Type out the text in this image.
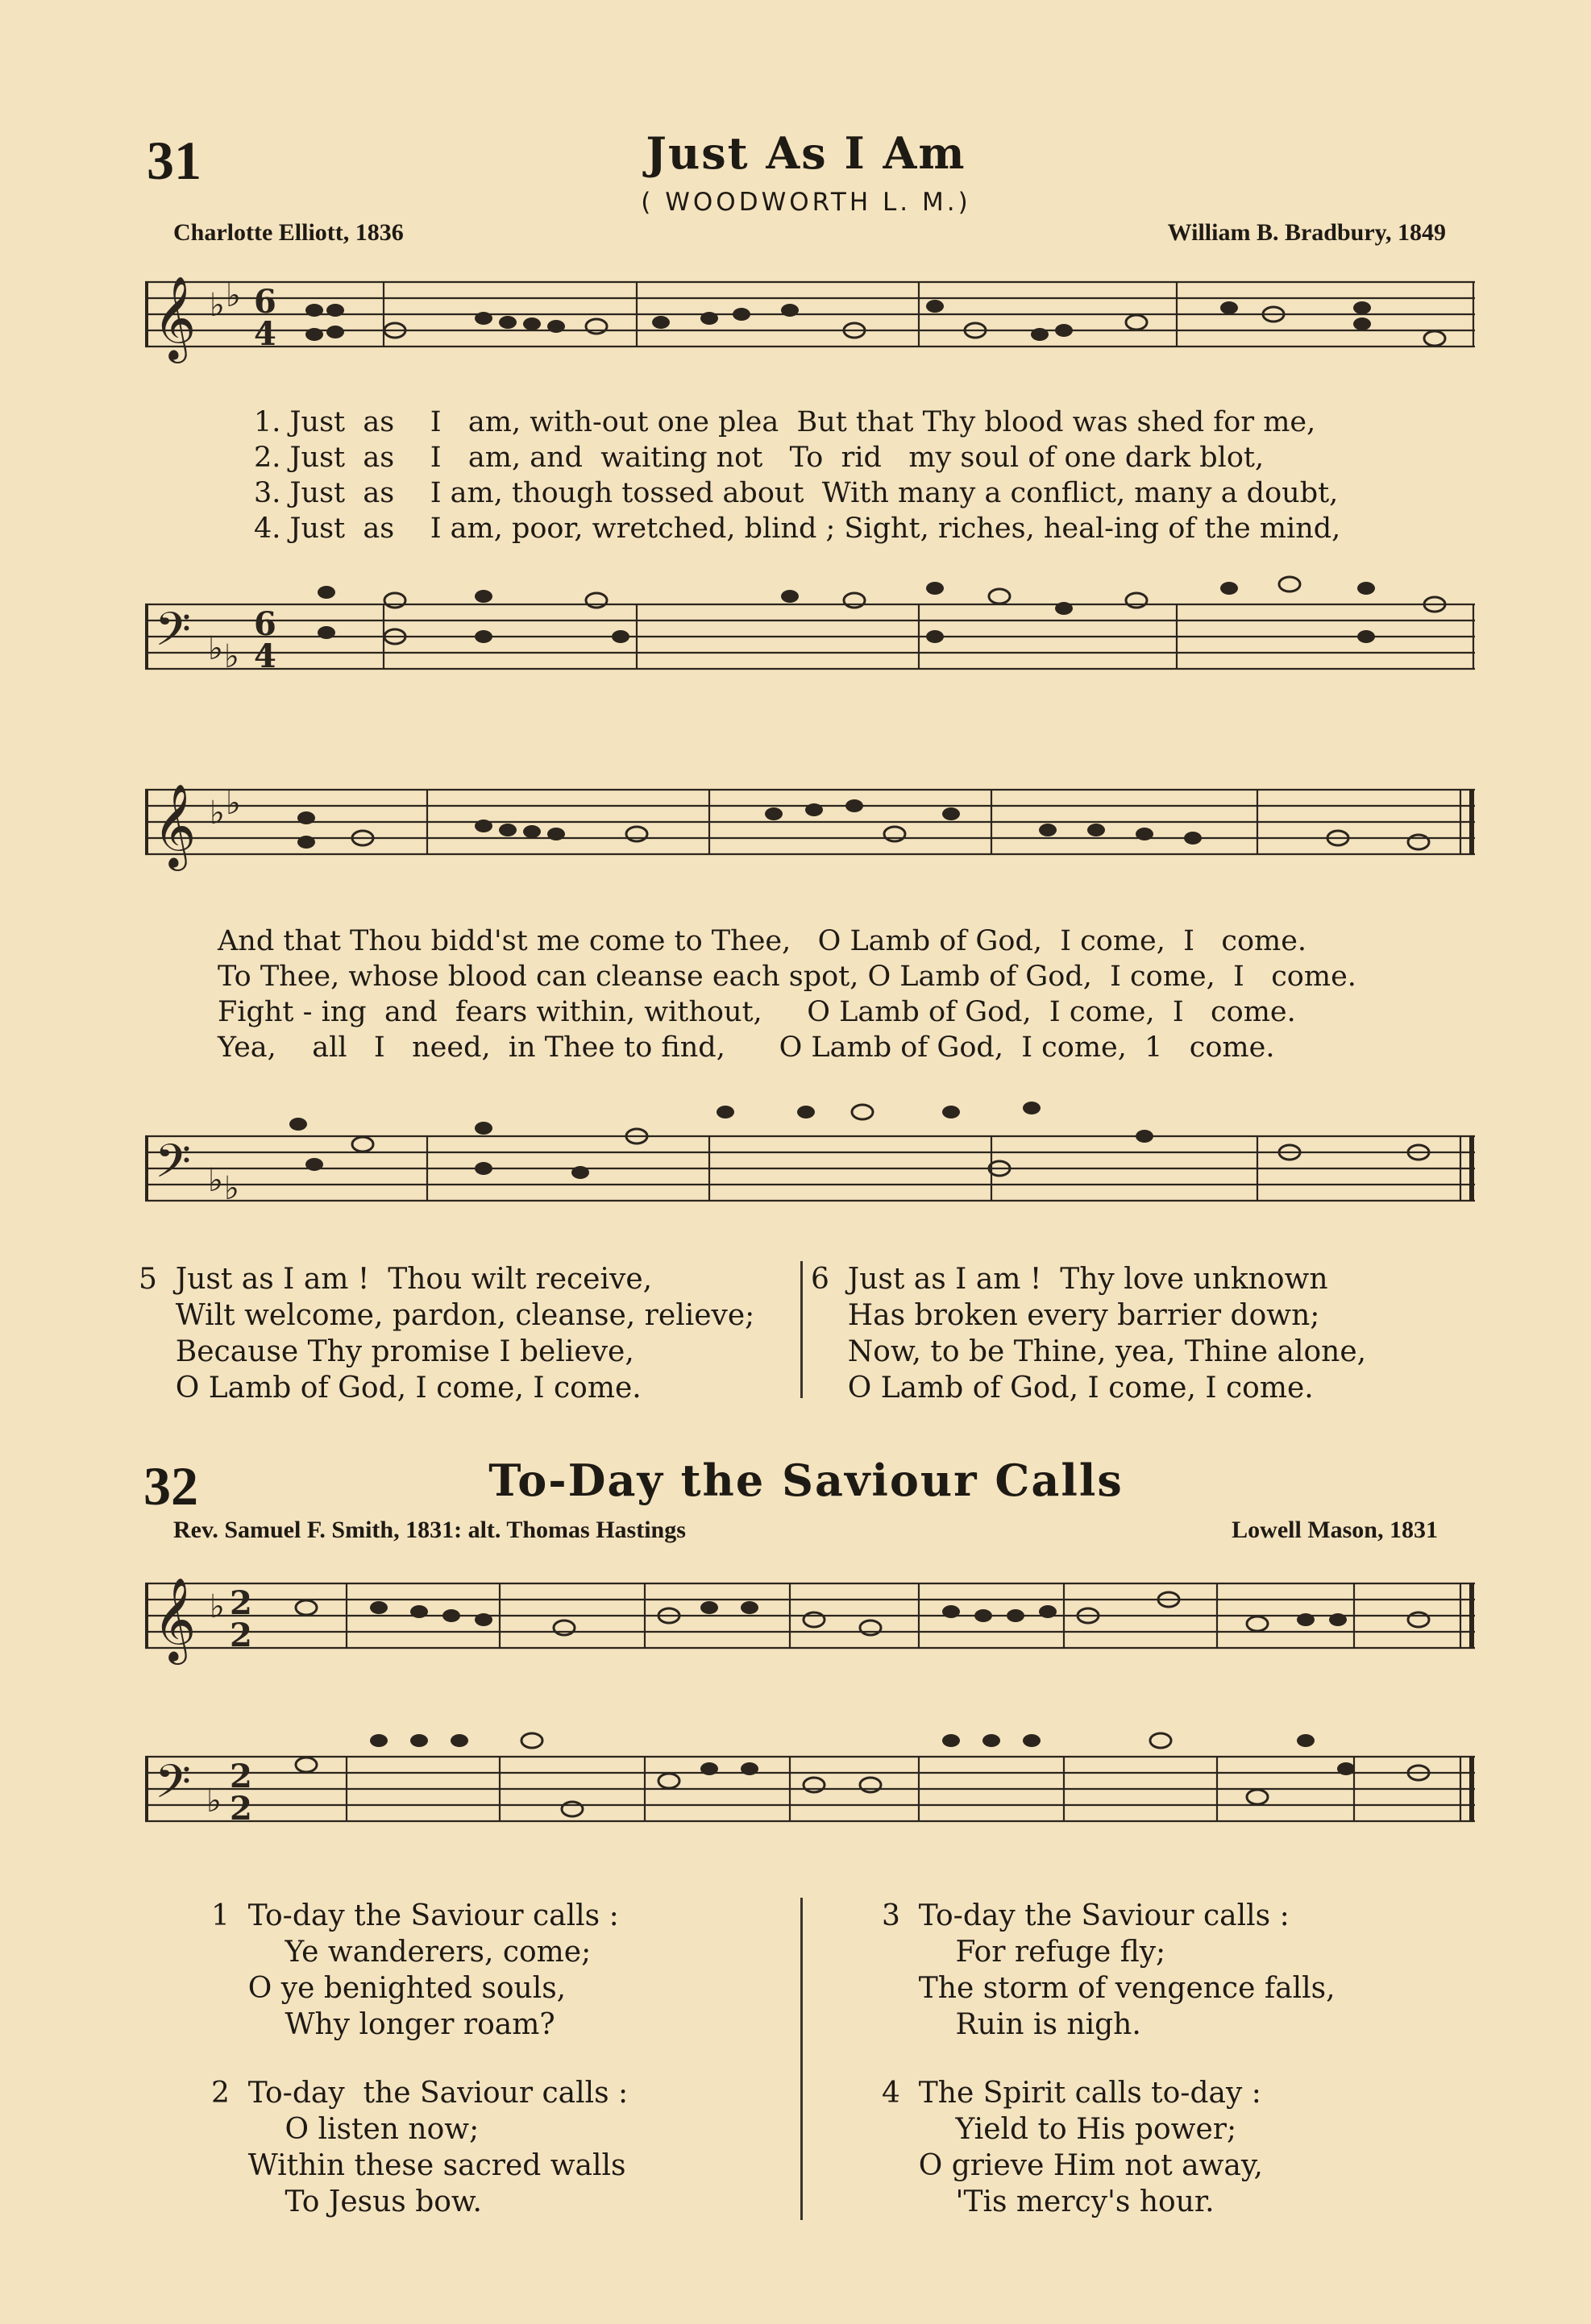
31	Just As I Am
( WOODWORTH L. M.)
Charlotte Elliott, 1836	William B. Bradbury, 1849
𝄞 ♭ ♭ 6
4
1. Just  as    I   am, with-out one plea  But that Thy blood was shed for me,
2. Just  as    I   am, and  waiting not   To  rid   my soul of one dark blot,
3. Just  as    I am, though tossed about  With many a conflict, many a doubt,
4. Just  as    I am, poor, wretched, blind ; Sight, riches, heal-ing of the mind,
𝄢 ♭ ♭
6
4
𝄞 ♭ ♭
And that Thou bidd'st me come to Thee,   O Lamb of God,  I come,  I   come.
To Thee, whose blood can cleanse each spot, O Lamb of God,  I come,  I   come.
Fight - ing  and  fears within, without,     O Lamb of God,  I come,  I   come.
Yea,    all   I   need,  in Thee to find,      O Lamb of God,  I come,  1   come.
𝄢 ♭ ♭
5  Just as I am !  Thou wilt receive,
Wilt welcome, pardon, cleanse, relieve;
Because Thy promise I believe,
O Lamb of God, I come, I come.
6  Just as I am !  Thy love unknown
Has broken every barrier down;
Now, to be Thine, yea, Thine alone,
O Lamb of God, I come, I come.
32	To-Day the Saviour Calls
Rev. Samuel F. Smith, 1831: alt. Thomas Hastings	Lowell Mason, 1831
𝄞 ♭ 2
2
𝄢 ♭
2
2
1  To-day the Saviour calls :
Ye wanderers, come;
O ye benighted souls,
Why longer roam?
2  To-day  the Saviour calls :
O listen now;
Within these sacred walls
To Jesus bow.
3  To-day the Saviour calls :
For refuge fly;
The storm of vengence falls,
Ruin is nigh.
4  The Spirit calls to-day :
Yield to His power;
O grieve Him not away,
'Tis mercy's hour.
